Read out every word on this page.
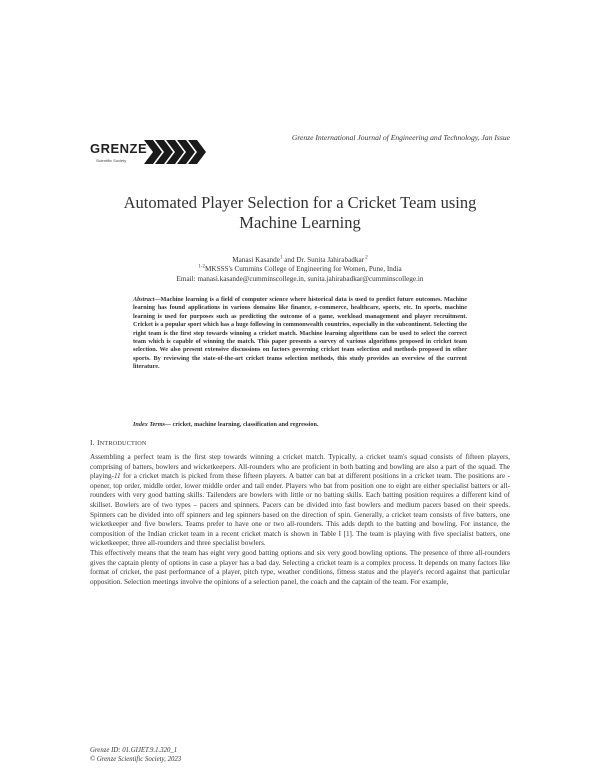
GRENZE
Scientific Society
Grenze International Journal of Engineering and Technology, Jan Issue
Automated Player Selection for a Cricket Team using
Machine Learning
Manasi Kasande$^1$ and Dr. Sunita Jahirabadkar $^2$
$^{1-2}$MKSSS's Cummins College of Engineering for Women, Pune, India
Email: manasi.kasande@cumminscollege.in, sunita.jahirabadkar@cumminscollege.in
Abstract—Machine learning is a field of computer science where historical data is used to predict future outcomes. Machine learning has found applications in various domains like finance, e-commerce, healthcare, sports, etc. In sports, machine learning is used for purposes such as predicting the outcome of a game, workload management and player recruitment. Cricket is a popular sport which has a huge following in commonwealth countries, especially in the subcontinent. Selecting the right team is the first step towards winning a cricket match. Machine learning algorithms can be used to select the correct team which is capable of winning the match. This paper presents a survey of various algorithms proposed in cricket team selection. We also present extensive discussions on factors governing cricket team selection and methods proposed in other sports. By reviewing the state-of-the-art cricket teams selection methods, this study provides an overview of the current literature.
Index Terms— cricket, machine learning, classification and regression.
I. INTRODUCTION

Assembling a perfect team is the first step towards winning a cricket match. Typically, a cricket team's squad consists of fifteen players, comprising of batters, bowlers and wicketkeepers. All-rounders who are proficient in both batting and bowling are also a part of the squad. The playing-11 for a cricket match is picked from these fifteen players. A batter can bat at different positions in a cricket team. The positions are - opener, top order, middle order, lower middle order and tail ender. Players who bat from position one to eight are either specialist batters or all-rounders with very good batting skills. Tailenders are bowlers with little or no batting skills. Each batting position requires a different kind of skillset. Bowlers are of two types – pacers and spinners. Pacers can be divided into fast bowlers and medium pacers based on their speeds. Spinners can be divided into off spinners and leg spinners based on the direction of spin. Generally, a cricket team consists of five batters, one wicketkeeper and five bowlers. Teams prefer to have one or two all-rounders. This adds depth to the batting and bowling. For instance, the composition of the Indian cricket team in a recent cricket match is shown in Table I [1]. The team is playing with five specialist batters, one wicketkeeper, three all-rounders and three specialist bowlers.

This effectively means that the team has eight very good batting options and six very good bowling options. The presence of three all-rounders gives the captain plenty of options in case a player has a bad day. Selecting a cricket team is a complex process. It depends on many factors like format of cricket, the past performance of a player, pitch type, weather conditions, fitness status and the player's record against that particular opposition. Selection meetings involve the opinions of a selection panel, the coach and the captain of the team. For example,

Grenze ID: 01.GIJET.9.1.320_1
© Grenze Scientific Society, 2023
